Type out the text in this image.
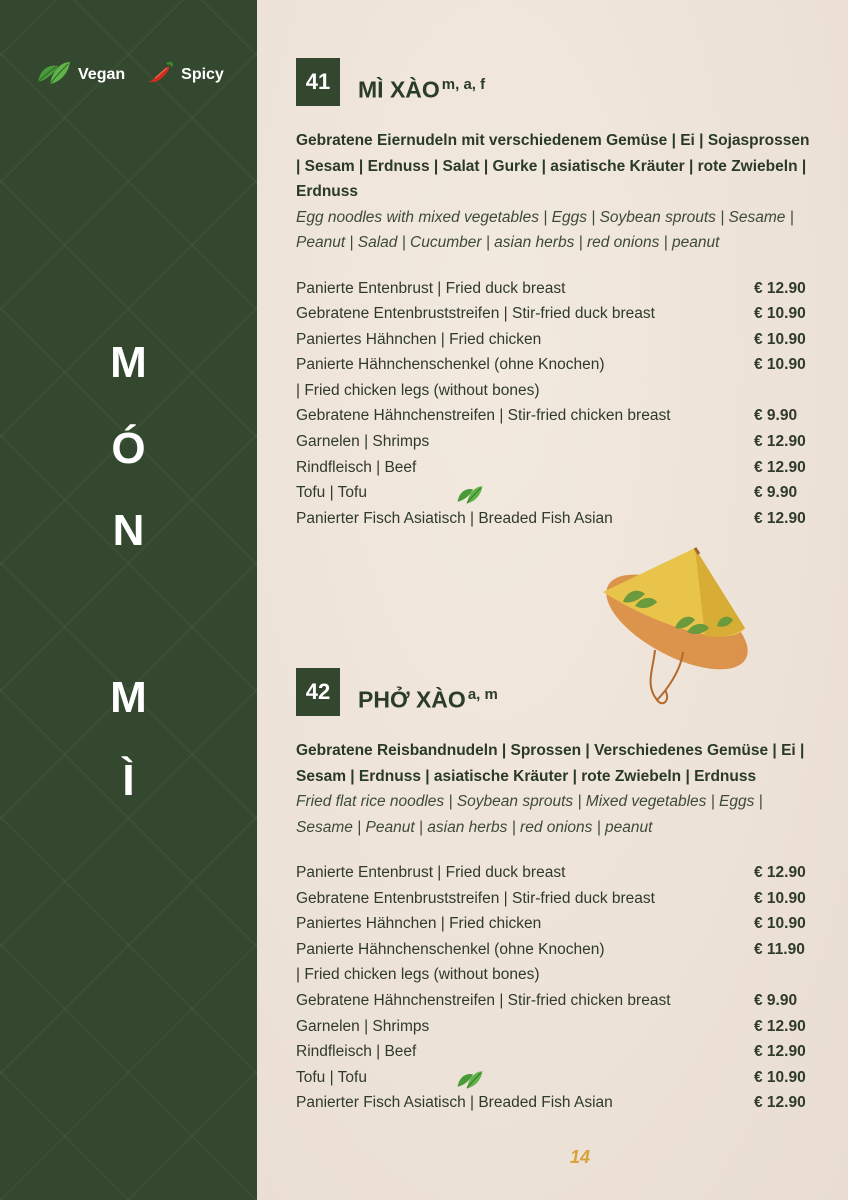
Vegan	Spicy
M
Ó
N
M
Ì
41	MÌ XÀO $^{m, a, f}$

Gebratene Eiernudeln mit verschiedenem Gemüse | Ei | Sojasprossen | Sesam | Erdnuss | Salat | Gurke | asiatische Kräuter | rote Zwiebeln | Erdnuss

Egg noodles with mixed vegetables | Eggs | Soybean sprouts | Sesame | Peanut | Salad | Cucumber | asian herbs | red onions | peanut

Panierte Entenbrust | Fried duck breast	€ 12.90
Gebratene Entenbruststreifen | Stir-fried duck breast	€ 10.90
Paniertes Hähnchen | Fried chicken	€ 10.90
Panierte Hähnchenschenkel (ohne Knochen)	€ 10.90
| Fried chicken legs (without bones)
Gebratene Hähnchenstreifen | Stir-fried chicken breast	€ 9.90
Garnelen | Shrimps	€ 12.90
Rindfleisch | Beef	€ 12.90
Tofu | Tofu	€ 9.90
Panierter Fisch Asiatisch | Breaded Fish Asian	€ 12.90
42	PHỞ XÀO $^{a, m}$

Gebratene Reisbandnudeln | Sprossen | Verschiedenes Gemüse | Ei | Sesam | Erdnuss | asiatische Kräuter | rote Zwiebeln | Erdnuss

Fried flat rice noodles | Soybean sprouts | Mixed vegetables | Eggs | Sesame | Peanut | asian herbs | red onions | peanut

Panierte Entenbrust | Fried duck breast	€ 12.90
Gebratene Entenbruststreifen | Stir-fried duck breast	€ 10.90
Paniertes Hähnchen | Fried chicken	€ 10.90
Panierte Hähnchenschenkel (ohne Knochen)	€ 11.90
| Fried chicken legs (without bones)
Gebratene Hähnchenstreifen | Stir-fried chicken breast	€ 9.90
Garnelen | Shrimps	€ 12.90
Rindfleisch | Beef	€ 12.90
Tofu | Tofu	€ 10.90
Panierter Fisch Asiatisch | Breaded Fish Asian	€ 12.90
14
